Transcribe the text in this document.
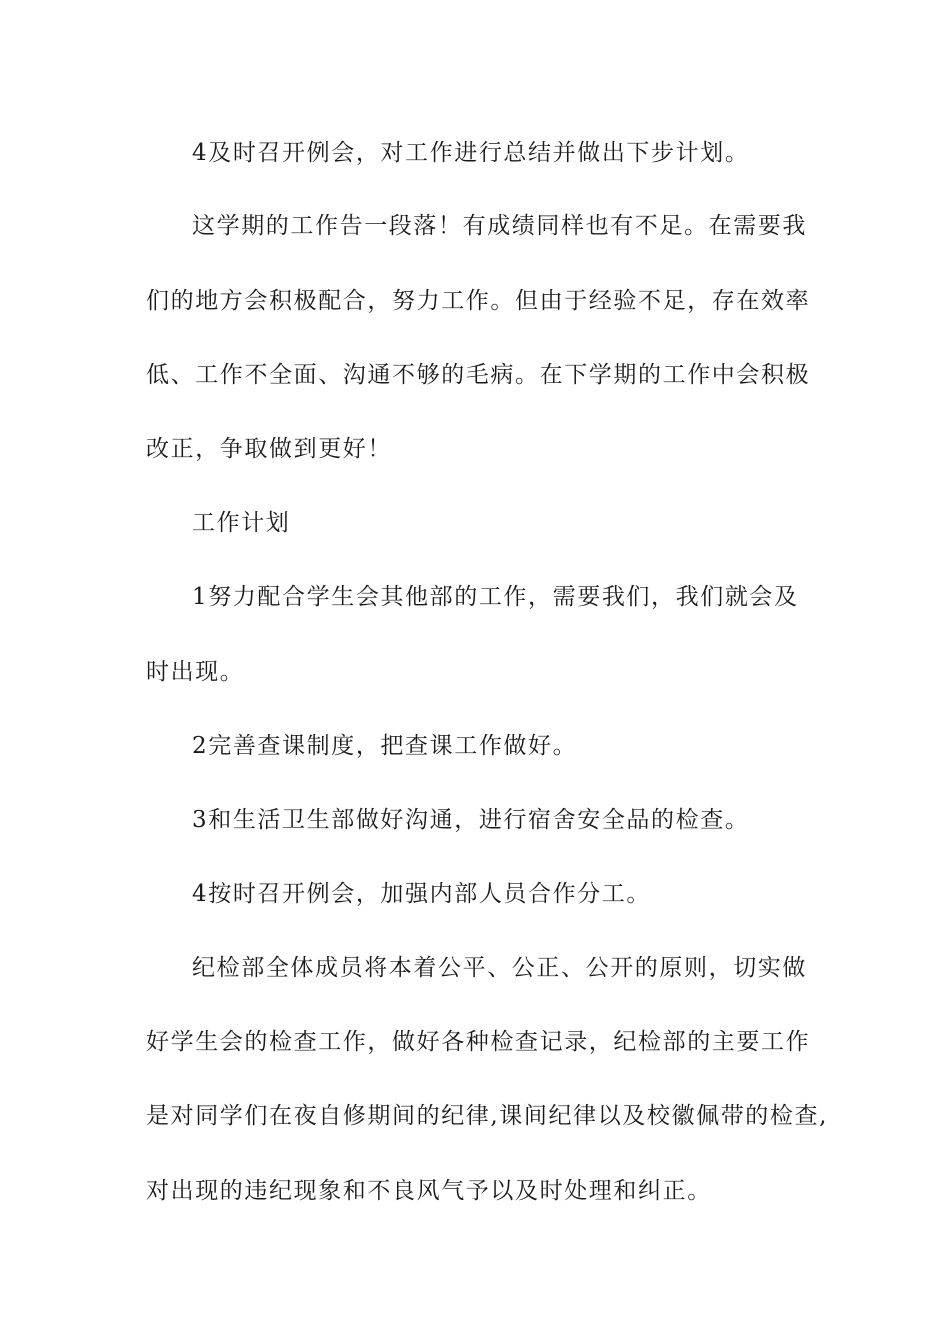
4及时召开例会，对工作进行总结并做出下步计划。
这学期的工作告一段落！有成绩同样也有不足。在需要我
们的地方会积极配合，努力工作。但由于经验不足，存在效率
低、工作不全面、沟通不够的毛病。在下学期的工作中会积极
改正，争取做到更好！
工作计划
1努力配合学生会其他部的工作，需要我们，我们就会及
时出现。
2完善查课制度，把查课工作做好。
3和生活卫生部做好沟通，进行宿舍安全品的检查。
4按时召开例会，加强内部人员合作分工。
纪检部全体成员将本着公平、公正、公开的原则，切实做
好学生会的检查工作，做好各种检查记录，纪检部的主要工作
是对同学们在夜自修期间的纪律,课间纪律以及校徽佩带的检查,
对出现的违纪现象和不良风气予以及时处理和纠正。
